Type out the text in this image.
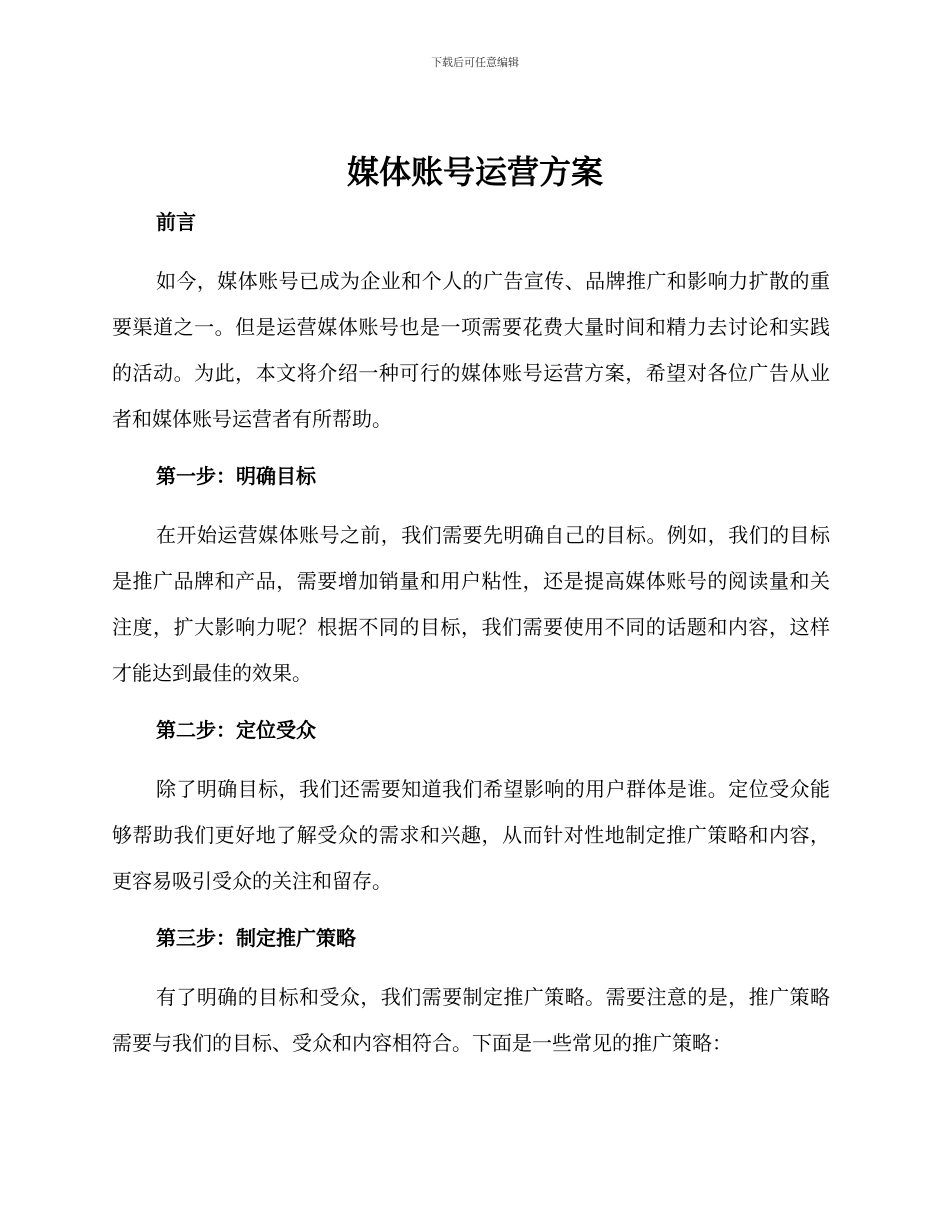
下载后可任意编辑
媒体账号运营方案
前言

如今，媒体账号已成为企业和个人的广告宣传、品牌推广和影响力扩散的重要渠道之一。但是运营媒体账号也是一项需要花费大量时间和精力去讨论和实践的活动。为此，本文将介绍一种可行的媒体账号运营方案，希望对各位广告从业者和媒体账号运营者有所帮助。

第一步：明确目标

在开始运营媒体账号之前，我们需要先明确自己的目标。例如，我们的目标是推广品牌和产品，需要增加销量和用户粘性，还是提高媒体账号的阅读量和关注度，扩大影响力呢？根据不同的目标，我们需要使用不同的话题和内容，这样才能达到最佳的效果。

第二步：定位受众

除了明确目标，我们还需要知道我们希望影响的用户群体是谁。定位受众能够帮助我们更好地了解受众的需求和兴趣，从而针对性地制定推广策略和内容，更容易吸引受众的关注和留存。

第三步：制定推广策略

有了明确的目标和受众，我们需要制定推广策略。需要注意的是，推广策略需要与我们的目标、受众和内容相符合。下面是一些常见的推广策略：
